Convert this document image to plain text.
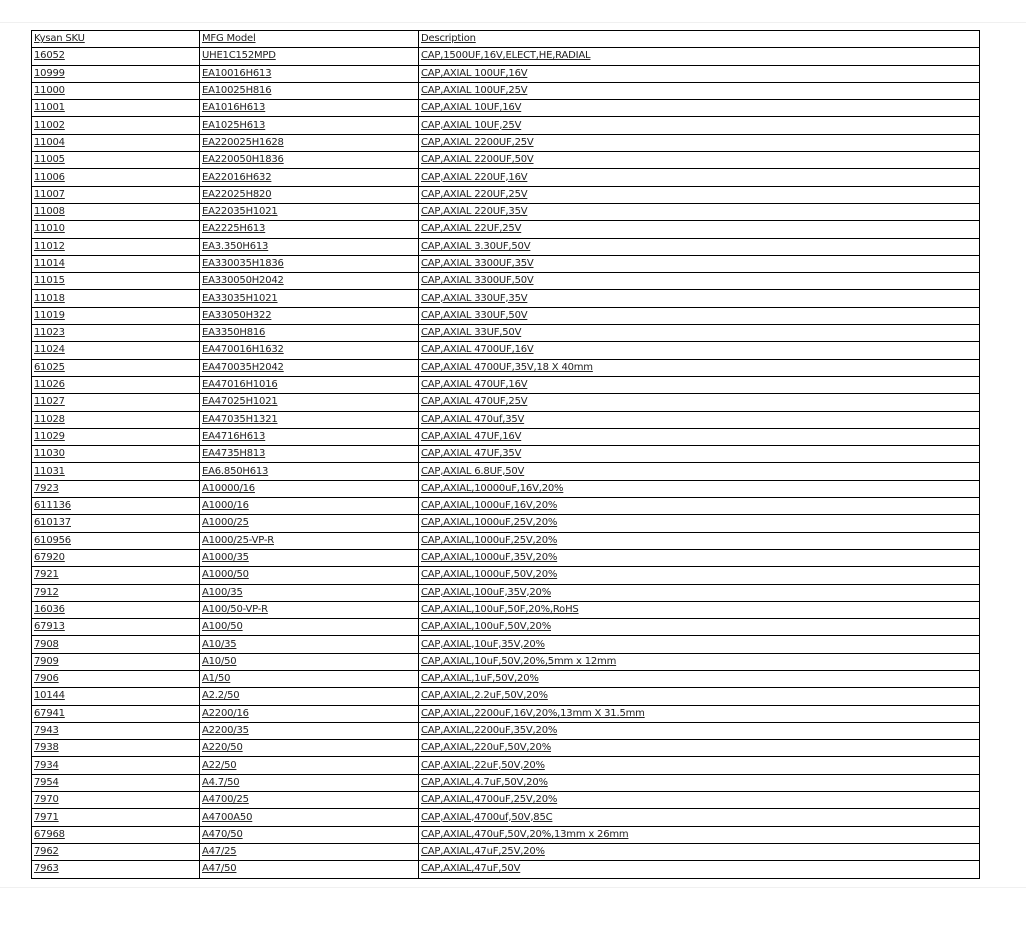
Kysan SKU	MFG Model	Description
16052	UHE1C152MPD	CAP,1500UF,16V,ELECT,HE,RADIAL
10999	EA10016H613	CAP,AXIAL 100UF,16V
11000	EA10025H816	CAP,AXIAL 100UF,25V
11001	EA1016H613	CAP,AXIAL 10UF,16V
11002	EA1025H613	CAP,AXIAL 10UF,25V
11004	EA220025H1628	CAP,AXIAL 2200UF,25V
11005	EA220050H1836	CAP,AXIAL 2200UF,50V
11006	EA22016H632	CAP,AXIAL 220UF,16V
11007	EA22025H820	CAP,AXIAL 220UF,25V
11008	EA22035H1021	CAP,AXIAL 220UF,35V
11010	EA2225H613	CAP,AXIAL 22UF,25V
11012	EA3.350H613	CAP,AXIAL 3.30UF,50V
11014	EA330035H1836	CAP,AXIAL 3300UF,35V
11015	EA330050H2042	CAP,AXIAL 3300UF,50V
11018	EA33035H1021	CAP,AXIAL 330UF,35V
11019	EA33050H322	CAP,AXIAL 330UF,50V
11023	EA3350H816	CAP,AXIAL 33UF,50V
11024	EA470016H1632	CAP,AXIAL 4700UF,16V
61025	EA470035H2042	CAP,AXIAL 4700UF,35V,18 X 40mm
11026	EA47016H1016	CAP,AXIAL 470UF,16V
11027	EA47025H1021	CAP,AXIAL 470UF,25V
11028	EA47035H1321	CAP,AXIAL 470uf,35V
11029	EA4716H613	CAP,AXIAL 47UF,16V
11030	EA4735H813	CAP,AXIAL 47UF,35V
11031	EA6.850H613	CAP,AXIAL 6.8UF,50V
7923	A10000/16	CAP,AXIAL,10000uF,16V,20%
611136	A1000/16	CAP,AXIAL,1000uF,16V,20%
610137	A1000/25	CAP,AXIAL,1000uF,25V,20%
610956	A1000/25-VP-R	CAP,AXIAL,1000uF,25V,20%
67920	A1000/35	CAP,AXIAL,1000uF,35V,20%
7921	A1000/50	CAP,AXIAL,1000uF,50V,20%
7912	A100/35	CAP,AXIAL,100uF,35V,20%
16036	A100/50-VP-R	CAP,AXIAL,100uF,50F,20%,RoHS
67913	A100/50	CAP,AXIAL,100uF,50V,20%
7908	A10/35	CAP,AXIAL,10uF,35V,20%
7909	A10/50	CAP,AXIAL,10uF,50V,20%,5mm x 12mm
7906	A1/50	CAP,AXIAL,1uF,50V,20%
10144	A2.2/50	CAP,AXIAL,2.2uF,50V,20%
67941	A2200/16	CAP,AXIAL,2200uF,16V,20%,13mm X 31.5mm
7943	A2200/35	CAP,AXIAL,2200uF,35V,20%
7938	A220/50	CAP,AXIAL,220uF,50V,20%
7934	A22/50	CAP,AXIAL,22uF,50V,20%
7954	A4.7/50	CAP,AXIAL,4.7uF,50V,20%
7970	A4700/25	CAP,AXIAL,4700uF,25V,20%
7971	A4700A50	CAP,AXIAL,4700uf,50V,85C
67968	A470/50	CAP,AXIAL,470uF,50V,20%,13mm x 26mm
7962	A47/25	CAP,AXIAL,47uF,25V,20%
7963	A47/50	CAP,AXIAL,47uF,50V
